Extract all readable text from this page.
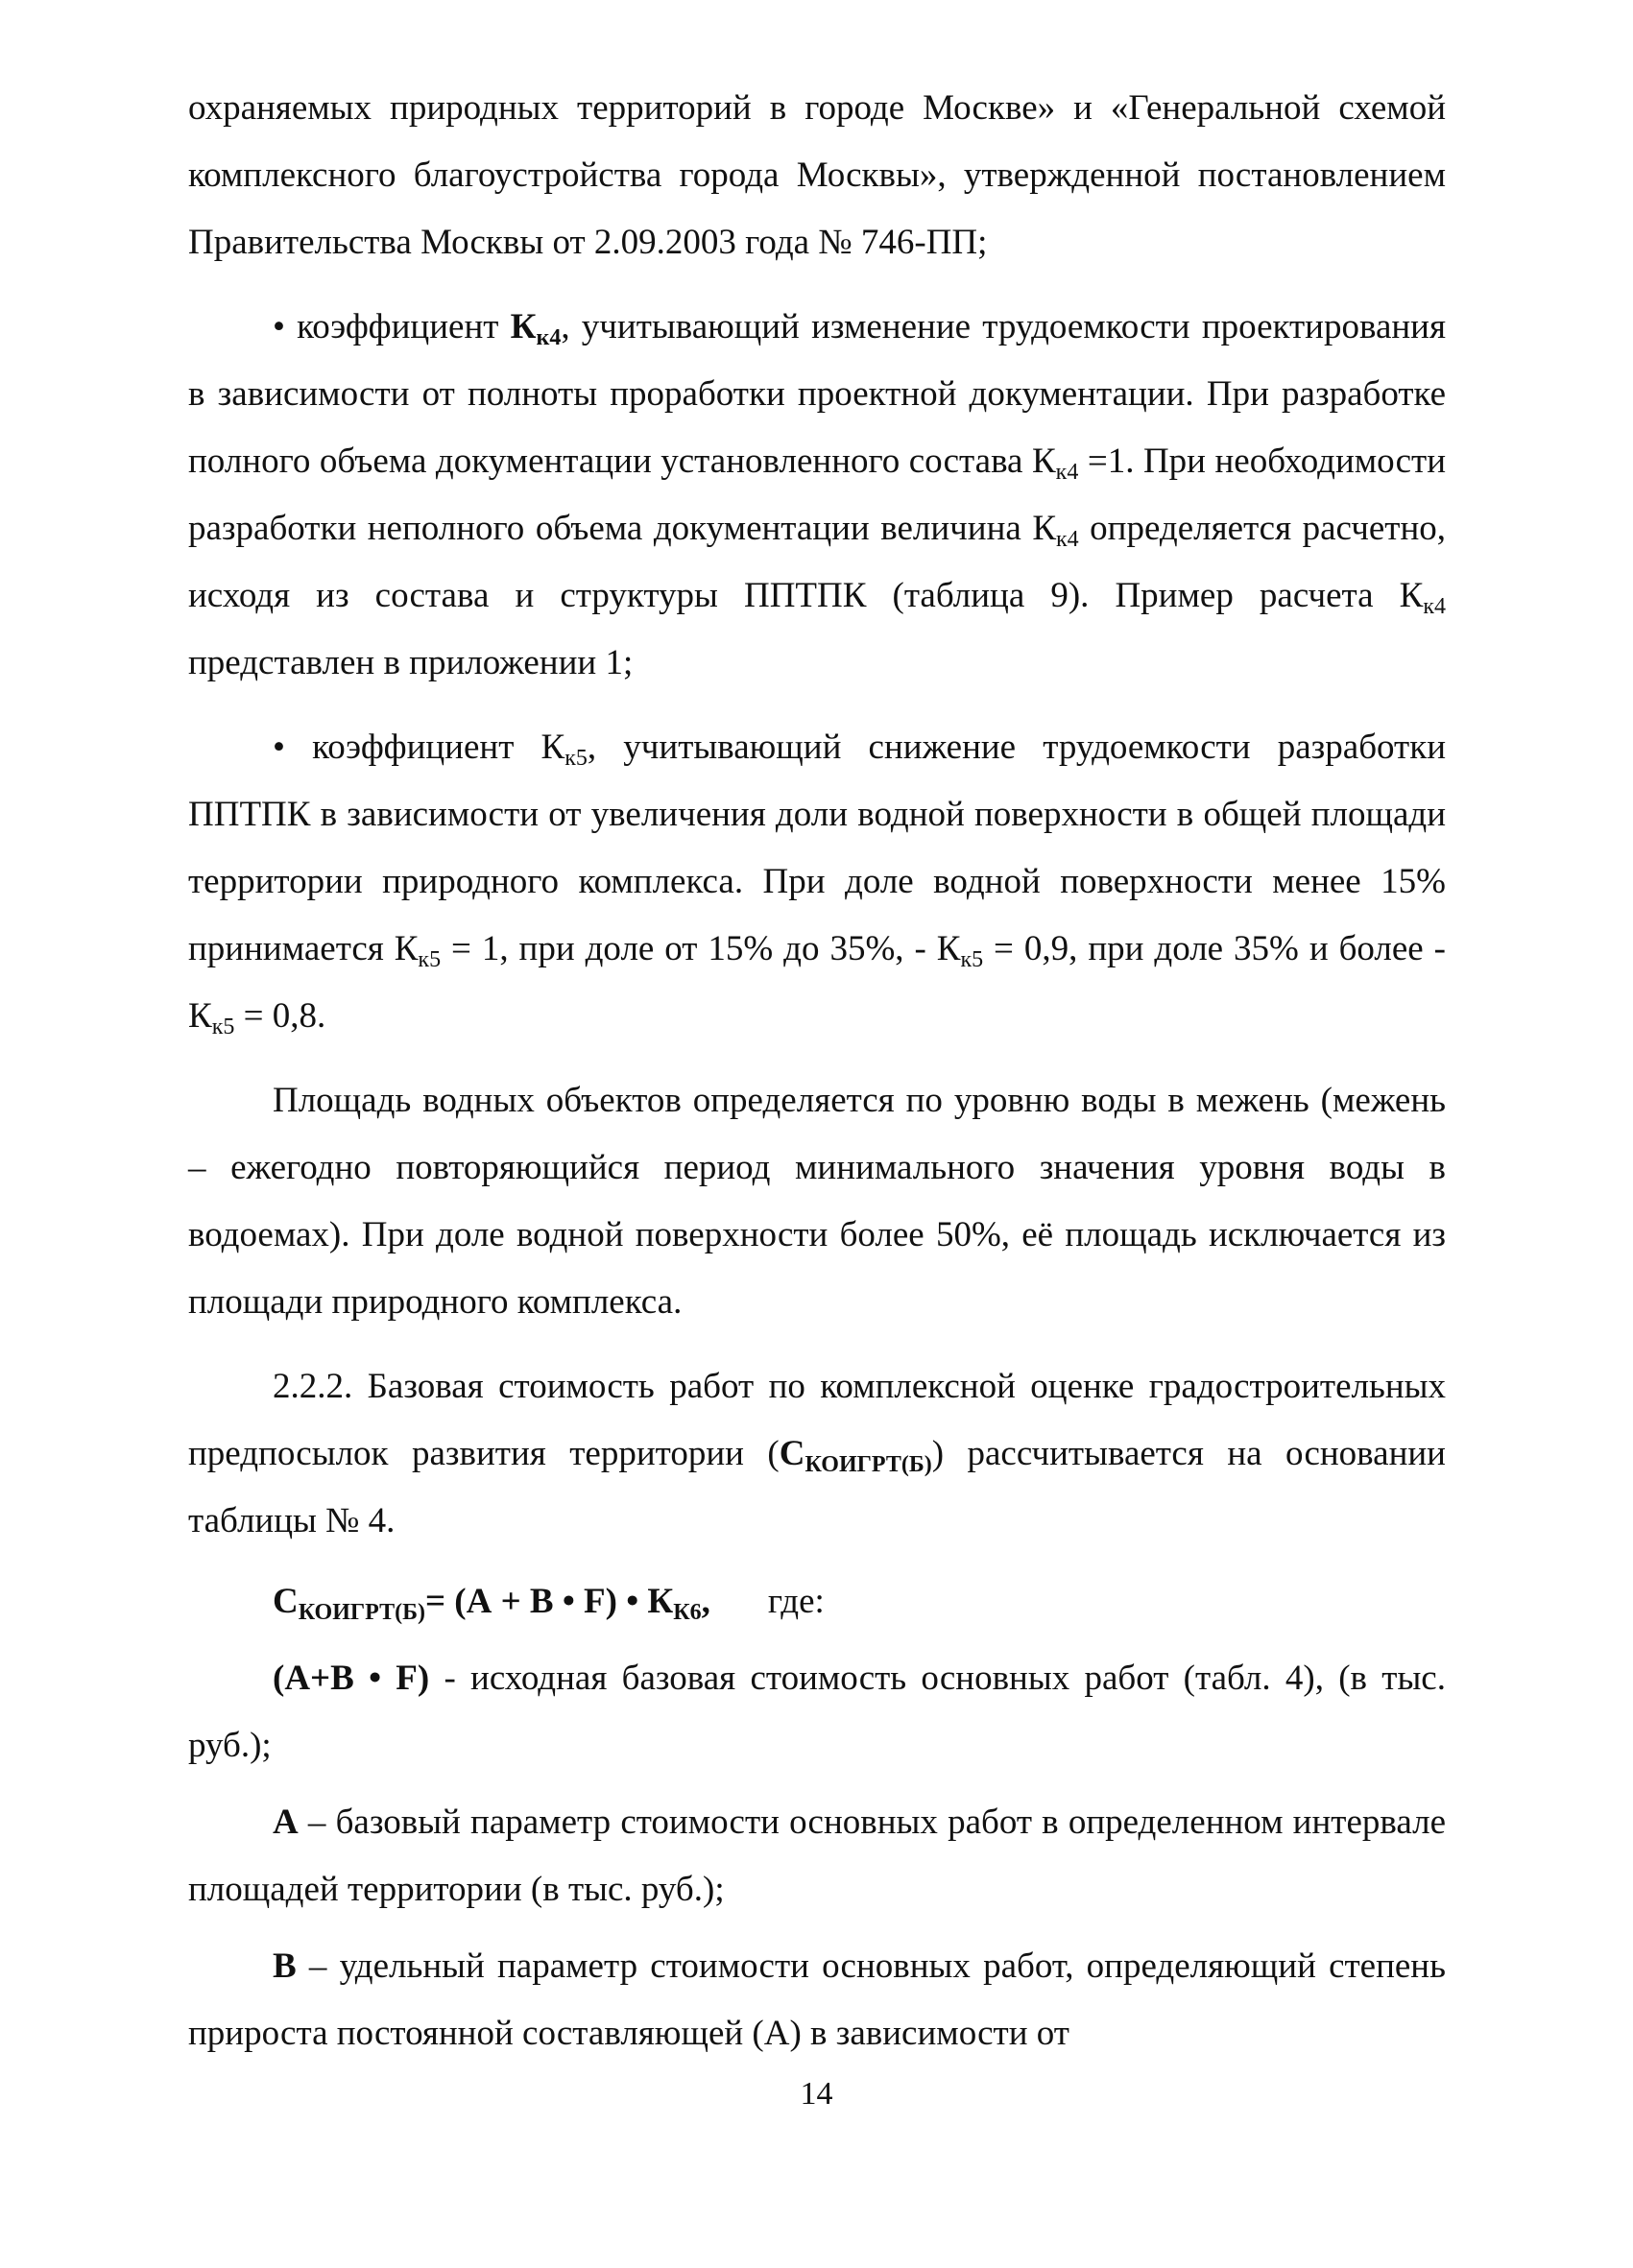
охраняемых природных территорий в городе Москве» и «Генеральной схемой комплексного благоустройства города Москвы», утвержденной постановлением Правительства Москвы от 2.09.2003 года № 746-ПП;

• коэффициент $К_{к4}$, учитывающий изменение трудоемкости проектирования в зависимости от полноты проработки проектной документации. При разработке полного объема документации установленного состава $К_{к4} =1$. При необходимости разработки неполного объема документации величина $К_{к4}$ определяется расчетно, исходя из состава и структуры ППТПК (таблица 9). Пример расчета $К_{к4}$ представлен в приложении 1;

• коэффициент $К_{к5}$, учитывающий снижение трудоемкости разработки ППТПК в зависимости от увеличения доли водной поверхности в общей площади территории природного комплекса. При доле водной поверхности менее 15% принимается $К_{к5} = 1$, при доле от 15% до 35%, - $К_{к5} = 0,9$, при доле 35% и более - $К_{к5} = 0,8$.

Площадь водных объектов определяется по уровню воды в межень (межень – ежегодно повторяющийся период минимального значения уровня воды в водоемах). При доле водной поверхности более 50%, её площадь исключается из площади природного комплекса.

2.2.2. Базовая стоимость работ по комплексной оценке градостроительных предпосылок развития территории $(С_{КОИГРТ(Б)})$ рассчитывается на основании таблицы № 4.

$С_{КОИГРТ(Б)}= (А + В$ • F) • $К_{К6}$, где:

(А+В • F) - исходная базовая стоимость основных работ (табл. 4), (в тыс. руб.);

А – базовый параметр стоимости основных работ в определенном интервале площадей территории (в тыс. руб.);

В – удельный параметр стоимости основных работ, определяющий степень прироста постоянной составляющей (А) в зависимости от

14
